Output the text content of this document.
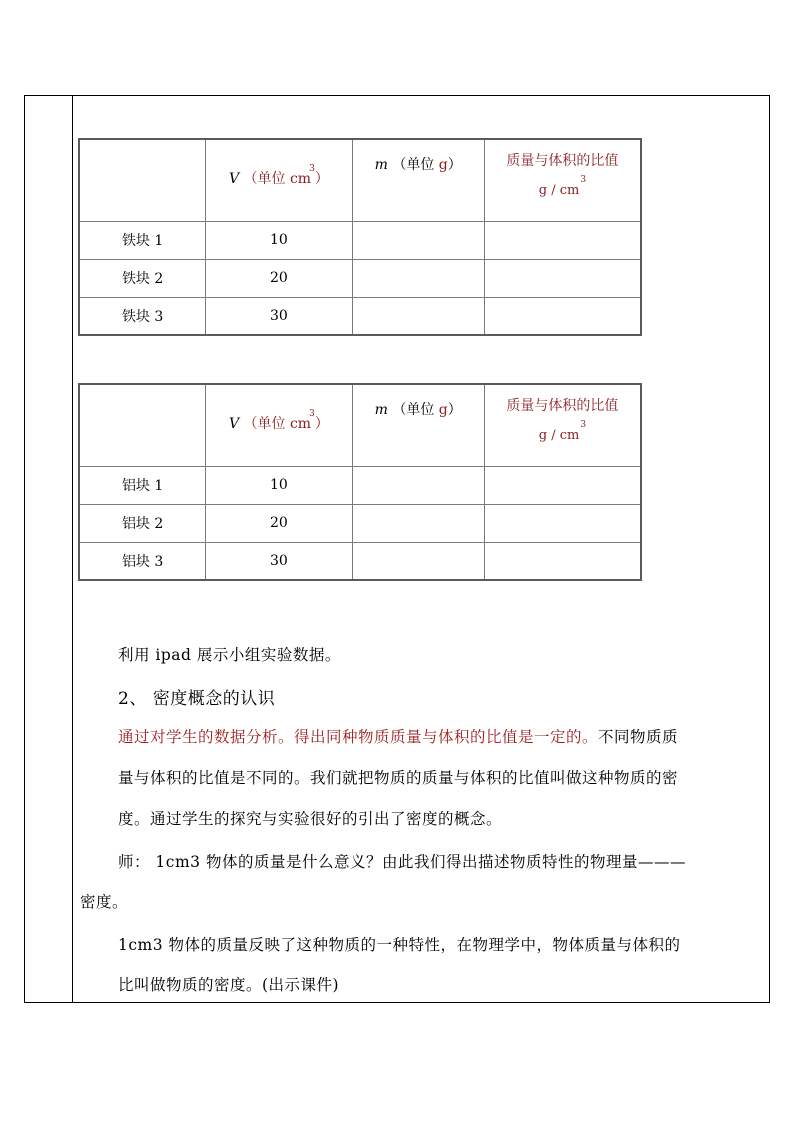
	V （单位 $cm^3$）	m （单位 g）	质量与体积的比值
g / $cm^3$
铁块 1	10		
铁块 2	20		
铁块 3	30		
	V （单位 $cm^3$）	m （单位 g）	质量与体积的比值
g / $cm^3$
铝块 1	10		
铝块 2	20		
铝块 3	30		
利用 ipad 展示小组实验数据。
2、 密度概念的认识
通过对学生的数据分析。得出同种物质质量与体积的比值是一定的。不同物质质
量与体积的比值是不同的。我们就把物质的质量与体积的比值叫做这种物质的密
度。通过学生的探究与实验很好的引出了密度的概念。
师： 1cm3 物体的质量是什么意义？由此我们得出描述物质特性的物理量———
密度。
1cm3 物体的质量反映了这种物质的一种特性，在物理学中，物体质量与体积的
比叫做物质的密度。(出示课件)
